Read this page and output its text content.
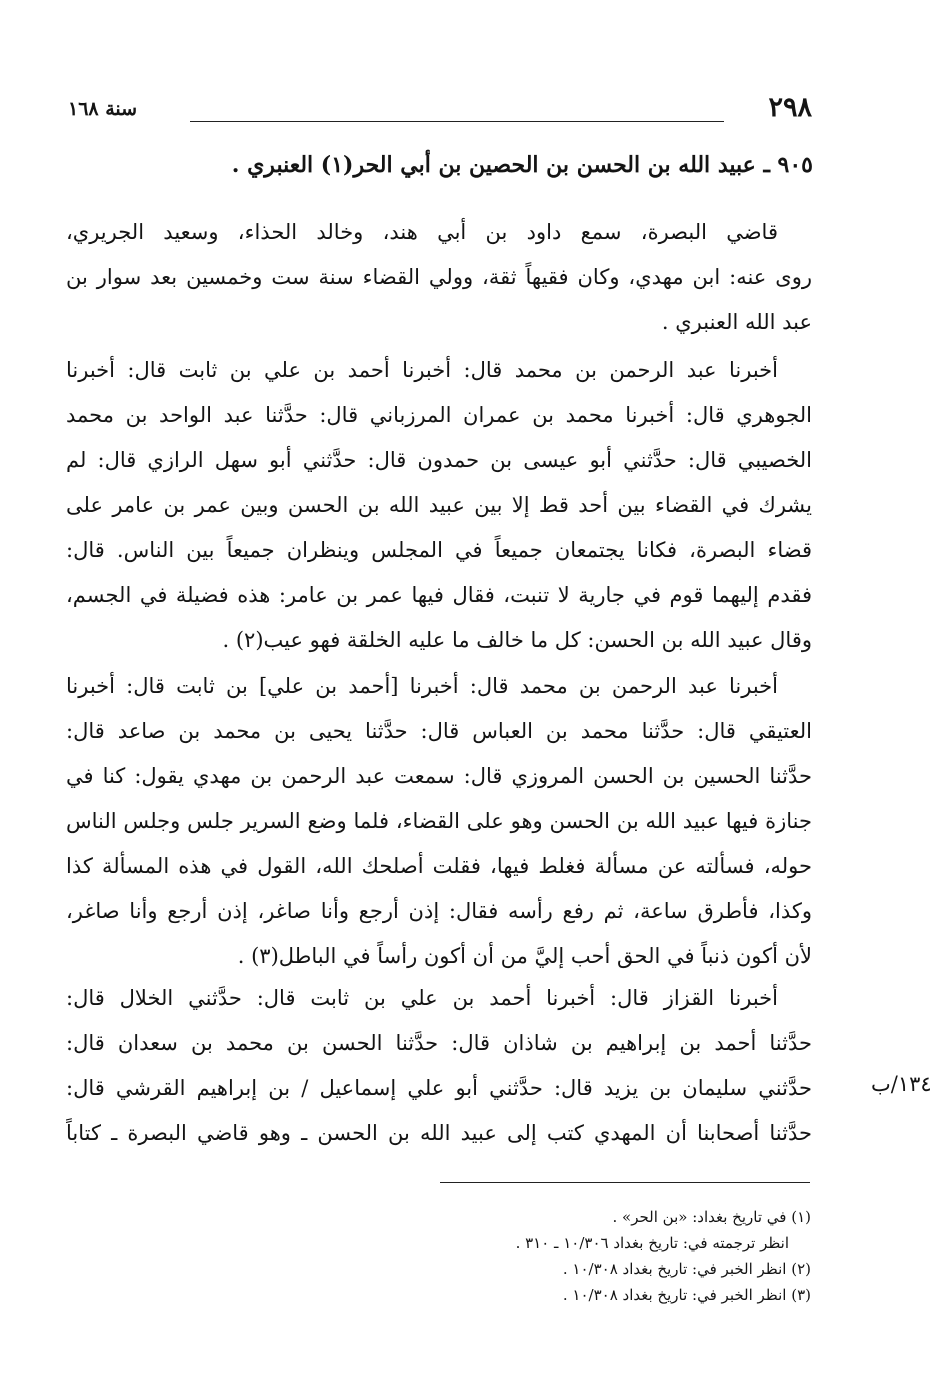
٢٩٨
سنة ١٦٨
٩٠٥ ـ عبيد الله بن الحسن بن الحصين بن أبي الحر(١) العنبري .
قاضي البصرة، سمع داود بن أبي هند، وخالد الحذاء، وسعيد الجريري،
روى عنه: ابن مهدي، وكان فقيهاً ثقة، وولي القضاء سنة ست وخمسين بعد سوار بن
عبد الله العنبري .
أخبرنا عبد الرحمن بن محمد قال: أخبرنا أحمد بن علي بن ثابت قال: أخبرنا
الجوهري قال: أخبرنا محمد بن عمران المرزباني قال: حدَّثنا عبد الواحد بن محمد
الخصيبي قال: حدَّثني أبو عيسى بن حمدون قال: حدَّثني أبو سهل الرازي قال: لم
يشرك في القضاء بين أحد قط إلا بين عبيد الله بن الحسن وبين عمر بن عامر على
قضاء البصرة، فكانا يجتمعان جميعاً في المجلس وينظران جميعاً بين الناس. قال:
فقدم إليهما قوم في جارية لا تنبت، فقال فيها عمر بن عامر: هذه فضيلة في الجسم،
وقال عبيد الله بن الحسن: كل ما خالف ما عليه الخلقة فهو عيب(٢) .
أخبرنا عبد الرحمن بن محمد قال: أخبرنا [أحمد بن علي] بن ثابت قال: أخبرنا
العتيقي قال: حدَّثنا محمد بن العباس قال: حدَّثنا يحيى بن محمد بن صاعد قال:
حدَّثنا الحسين بن الحسن المروزي قال: سمعت عبد الرحمن بن مهدي يقول: كنا في
جنازة فيها عبيد الله بن الحسن وهو على القضاء، فلما وضع السرير جلس وجلس الناس
حوله، فسألته عن مسألة فغلط فيها، فقلت أصلحك الله، القول في هذه المسألة كذا
وكذا، فأطرق ساعة، ثم رفع رأسه فقال: إذن أرجع وأنا صاغر، إذن أرجع وأنا صاغر،
لأن أكون ذنباً في الحق أحب إليَّ من أن أكون رأساً في الباطل(٣) .
أخبرنا القزاز قال: أخبرنا أحمد بن علي بن ثابت قال: حدَّثني الخلال قال:
حدَّثنا أحمد بن إبراهيم بن شاذان قال: حدَّثنا الحسن بن محمد بن سعدان قال:
حدَّثني سليمان بن يزيد قال: حدَّثني أبو علي إسماعيل / بن إبراهيم القرشي قال:
حدَّثنا أصحابنا أن المهدي كتب إلى عبيد الله بن الحسن ـ وهو قاضي البصرة ـ كتاباً
١٣٤/ب
(١) في تاريخ بغداد: «بن الحر» .
انظر ترجمته في: تاريخ بغداد ١٠/٣٠٦ ـ ٣١٠ .
(٢) انظر الخبر في: تاريخ بغداد ١٠/٣٠٨ .
(٣) انظر الخبر في: تاريخ بغداد ١٠/٣٠٨ .
